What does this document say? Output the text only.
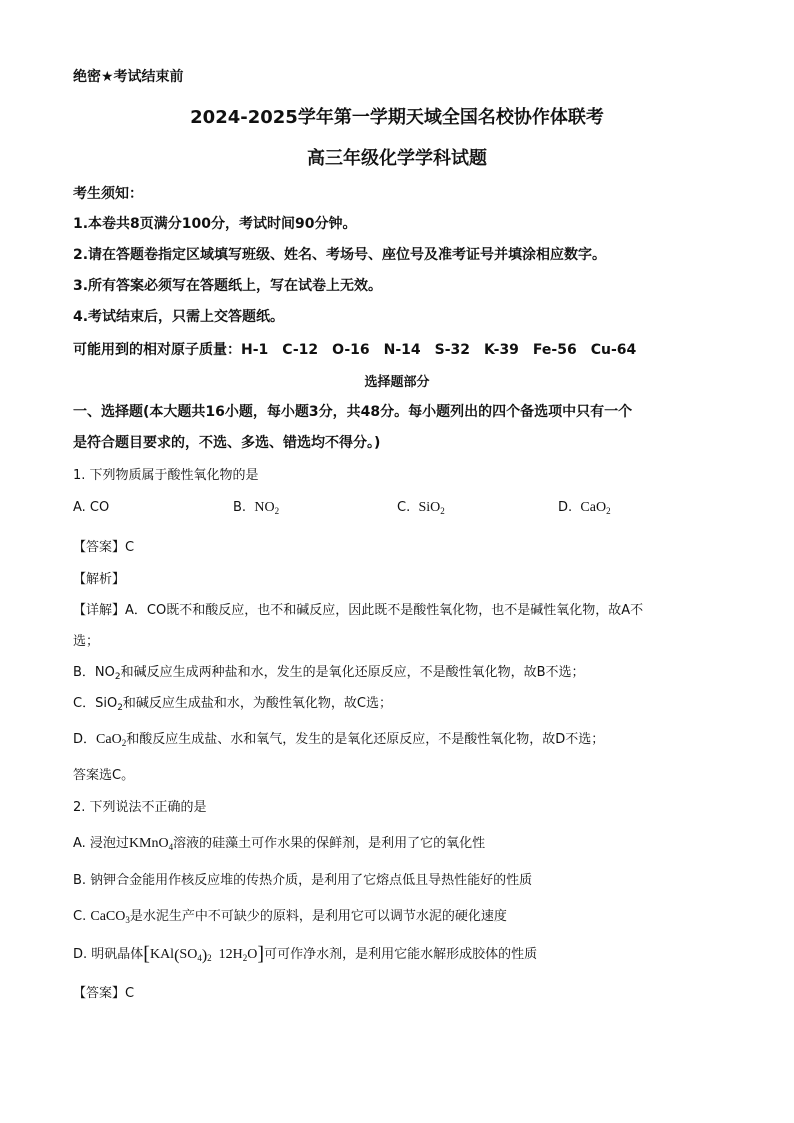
绝密★考试结束前
2024-2025学年第一学期天域全国名校协作体联考
高三年级化学学科试题
考生须知：
1.本卷共8页满分100分，考试时间90分钟。
2.请在答题卷指定区域填写班级、姓名、考场号、座位号及准考证号并填涂相应数字。
3.所有答案必须写在答题纸上，写在试卷上无效。
4.考试结束后，只需上交答题纸。
可能用到的相对原子质量：H-1　C-12　O-16　N-14　S-32　K-39　Fe-56　Cu-64
选择题部分
一、选择题(本大题共16小题，每小题3分，共48分。每小题列出的四个备选项中只有一个
是符合题目要求的，不选、多选、错选均不得分。)
1. 下列物质属于酸性氧化物的是
A. CO	B. $NO_2$	C. SiO$_2$	D. CaO$_2$
【答案】C
【解析】
【详解】A．CO既不和酸反应，也不和碱反应，因此既不是酸性氧化物，也不是碱性氧化物，故A不
选；
B．$NO_2$和碱反应生成两种盐和水，发生的是氧化还原反应，不是酸性氧化物，故B不选；
C．SiO$_2$和碱反应生成盐和水，为酸性氧化物，故C选；
D．CaO$_2$和酸反应生成盐、水和氧气，发生的是氧化还原反应，不是酸性氧化物，故D不选；
答案选C。
2. 下列说法不正确的是
A. 浸泡过KMnO$_4$溶液的硅藻土可作水果的保鲜剂，是利用了它的氧化性
B. 钠钾合金能用作核反应堆的传热介质，是利用了它熔点低且导热性能好的性质
C. CaCO$_3$是水泥生产中不可缺少的原料，是利用它可以调节水泥的硬化速度
D. 明矾晶体[$KAl(SO_4)_2$ $12H_2O$]可可作净水剂，是利用它能水解形成胶体的性质
【答案】C
